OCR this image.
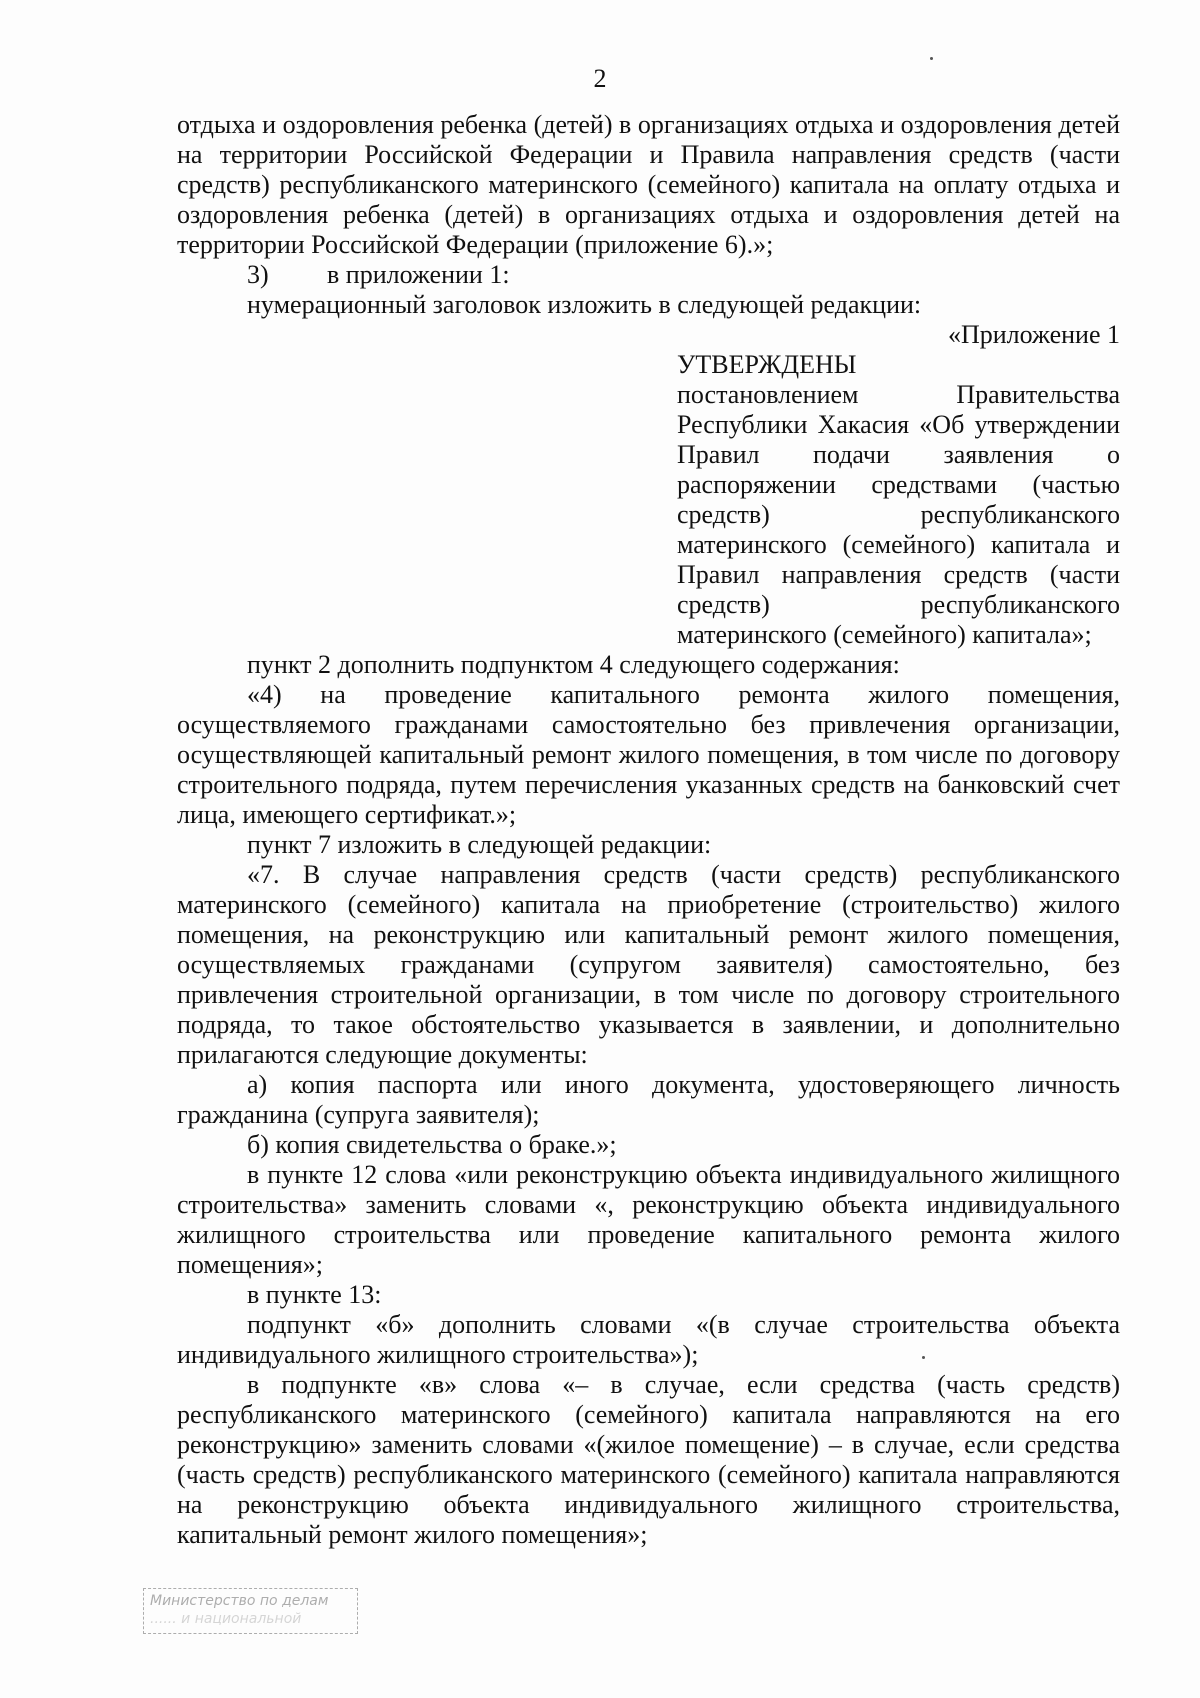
2

отдыха и оздоровления ребенка (детей) в организациях отдыха и оздоровления детей на территории Российской Федерации и Правила направления средств (части средств) республиканского материнского (семейного) капитала на оплату отдыха и оздоровления ребенка (детей) в организациях отдыха и оздоровления детей на территории Российской Федерации (приложение 6).»;

3) в приложении 1:

нумерационный заголовок изложить в следующей редакции:

«Приложение 1

УТВЕРЖДЕНЫ

постановлением Правительства Республики Хакасия «Об утверждении Правил подачи заявления о распоряжении средствами (частью средств) республиканского материнского (семейного) капитала и Правил направления средств (части средств) республиканского материнского (семейного) капитала»;

пункт 2 дополнить подпунктом 4 следующего содержания:

«4) на проведение капитального ремонта жилого помещения, осуществляемого гражданами самостоятельно без привлечения организации, осуществляющей капитальный ремонт жилого помещения, в том числе по договору строительного подряда, путем перечисления указанных средств на банковский счет лица, имеющего сертификат.»;

пункт 7 изложить в следующей редакции:

«7. В случае направления средств (части средств) республиканского материнского (семейного) капитала на приобретение (строительство) жилого помещения, на реконструкцию или капитальный ремонт жилого помещения, осуществляемых гражданами (супругом заявителя) самостоятельно, без привлечения строительной организации, в том числе по договору строительного подряда, то такое обстоятельство указывается в заявлении, и дополнительно прилагаются следующие документы:

а) копия паспорта или иного документа, удостоверяющего личность гражданина (супруга заявителя);

б) копия свидетельства о браке.»;

в пункте 12 слова «или реконструкцию объекта индивидуального жилищного строительства» заменить словами «, реконструкцию объекта индивидуального жилищного строительства или проведение капитального ремонта жилого помещения»;

в пункте 13:

подпункт «б» дополнить словами «(в случае строительства объекта индивидуального жилищного строительства»);

в подпункте «в» слова «– в случае, если средства (часть средств) республиканского материнского (семейного) капитала направляются на его реконструкцию» заменить словами «(жилое помещение) – в случае, если средства (часть средств) республиканского материнского (семейного) капитала направляются на реконструкцию объекта индивидуального жилищного строительства, капитальный ремонт жилого помещения»;

Министерство по делам
...... и национальной
